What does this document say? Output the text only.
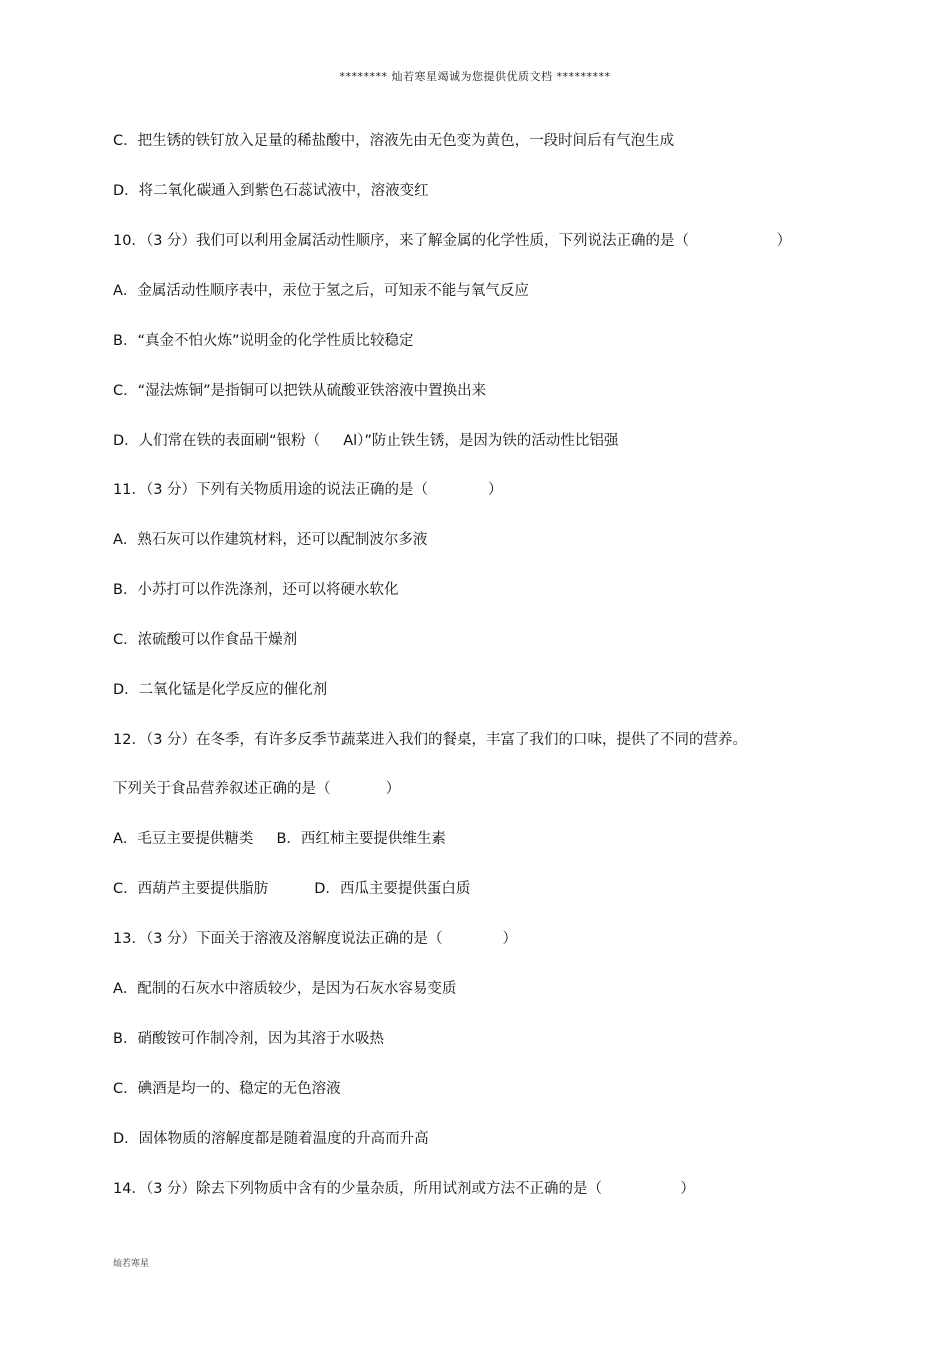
******** 灿若寒星竭诚为您提供优质文档 *********
C．把生锈的铁钉放入足量的稀盐酸中，溶液先由无色变为黄色，一段时间后有气泡生成
D．将二氧化碳通入到紫色石蕊试液中，溶液变红
10．（3 分）我们可以利用金属活动性顺序，来了解金属的化学性质，下列说法正确的是（                   ）
A．金属活动性顺序表中，汞位于氢之后，可知汞不能与氧气反应
B．“真金不怕火炼”说明金的化学性质比较稳定
C．“湿法炼铜”是指铜可以把铁从硫酸亚铁溶液中置换出来
D．人们常在铁的表面刷“银粉（     Al）”防止铁生锈，是因为铁的活动性比铝强
11．（3 分）下列有关物质用途的说法正确的是（             ）
A．熟石灰可以作建筑材料，还可以配制波尔多液
B．小苏打可以作洗涤剂，还可以将硬水软化
C．浓硫酸可以作食品干燥剂
D．二氧化锰是化学反应的催化剂
12．（3 分）在冬季，有许多反季节蔬菜进入我们的餐桌，丰富了我们的口味，提供了不同的营养。
下列关于食品营养叙述正确的是（            ）
A．毛豆主要提供糖类     B．西红柿主要提供维生素
C．西葫芦主要提供脂肪          D．西瓜主要提供蛋白质
13．（3 分）下面关于溶液及溶解度说法正确的是（             ）
A．配制的石灰水中溶质较少，是因为石灰水容易变质
B．硝酸铵可作制冷剂，因为其溶于水吸热
C．碘酒是均一的、稳定的无色溶液
D．固体物质的溶解度都是随着温度的升高而升高
14．（3 分）除去下列物质中含有的少量杂质，所用试剂或方法不正确的是（                 ）
灿若寒星
